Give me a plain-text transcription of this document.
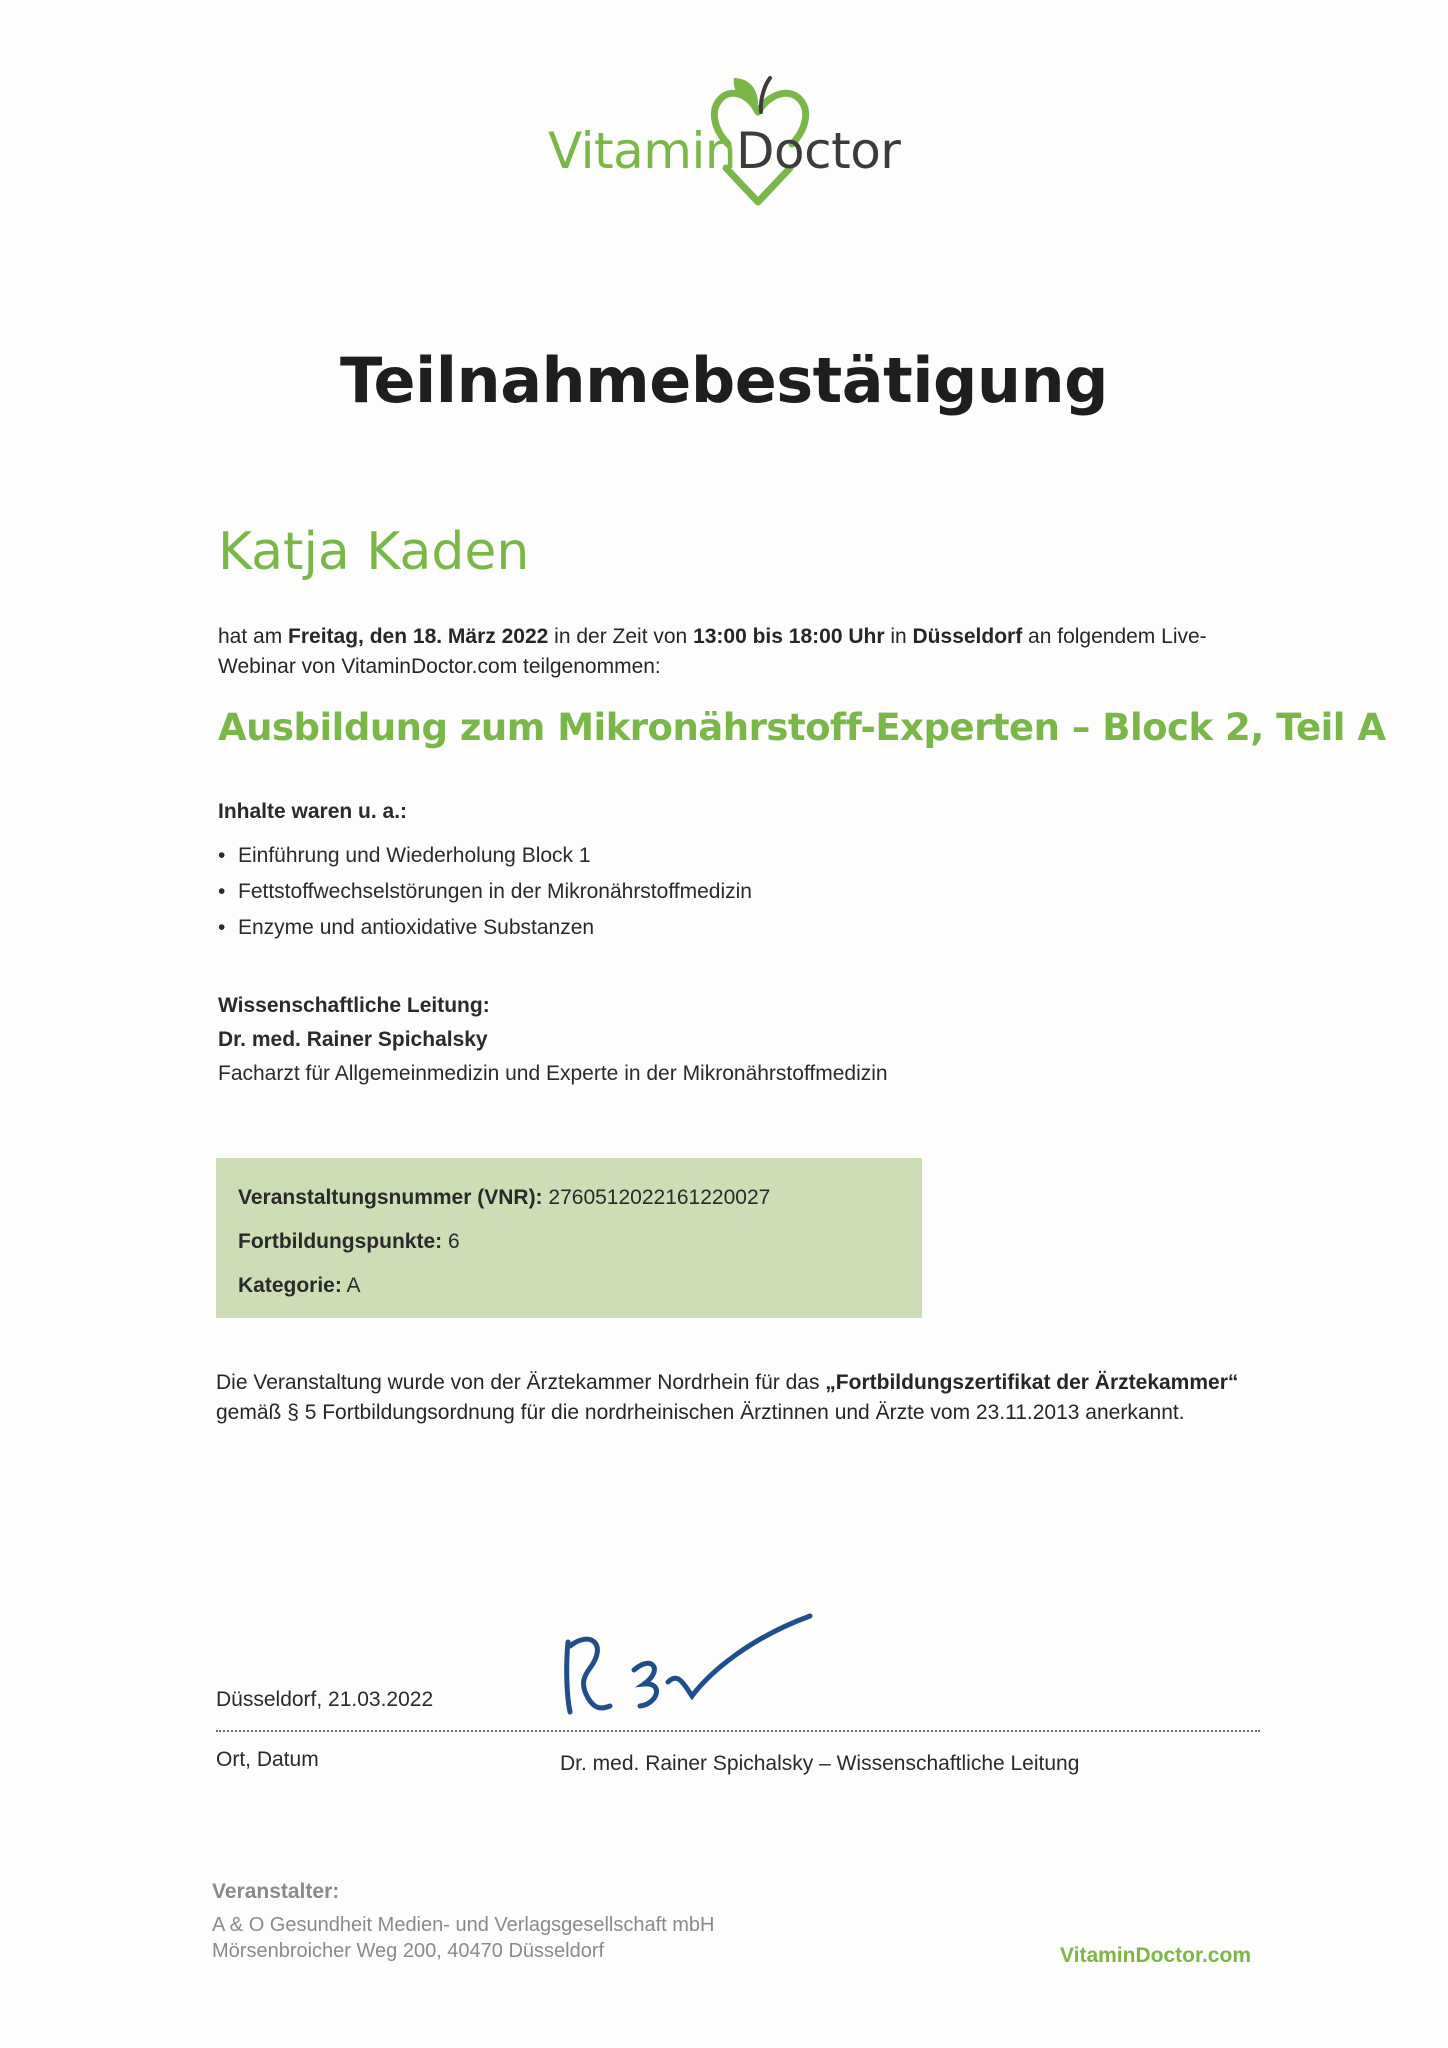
VitaminDoctor
Teilnahmebestätigung
Katja Kaden
hat am Freitag, den 18. März 2022 in der Zeit von 13:00 bis 18:00 Uhr in Düsseldorf an folgendem Live-Webinar von VitaminDoctor.com teilgenommen:
Ausbildung zum Mikronährstoff-Experten – Block 2, Teil A
Inhalte waren u. a.:
• Einführung und Wiederholung Block 1
• Fettstoffwechselstörungen in der Mikronährstoffmedizin
• Enzyme und antioxidative Substanzen
Wissenschaftliche Leitung:
Dr. med. Rainer Spichalsky
Facharzt für Allgemeinmedizin und Experte in der Mikronährstoffmedizin
Veranstaltungsnummer (VNR): 2760512022161220027
Fortbildungspunkte: 6
Kategorie: A
Die Veranstaltung wurde von der Ärztekammer Nordrhein für das „Fortbildungszertifikat der Ärztekammer“ gemäß § 5 Fortbildungsordnung für die nordrheinischen Ärztinnen und Ärzte vom 23.11.2013 anerkannt.
Düsseldorf, 21.03.2022
Ort, Datum	Dr. med. Rainer Spichalsky – Wissenschaftliche Leitung
Veranstalter:
A & O Gesundheit Medien- und Verlagsgesellschaft mbH
Mörsenbroicher Weg 200, 40470 Düsseldorf	VitaminDoctor.com
